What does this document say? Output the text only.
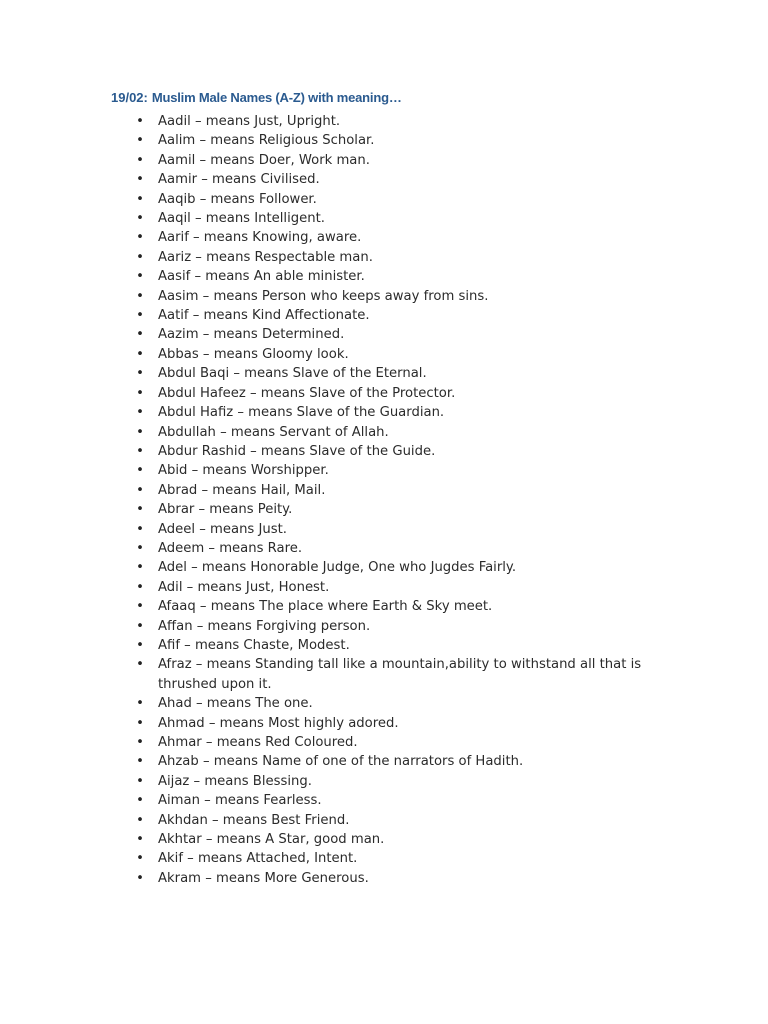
19/02: Muslim Male Names (A-Z) with meaning…
• Aadil – means Just, Upright.
• Aalim – means Religious Scholar.
• Aamil – means Doer, Work man.
• Aamir – means Civilised.
• Aaqib – means Follower.
• Aaqil – means Intelligent.
• Aarif – means Knowing, aware.
• Aariz – means Respectable man.
• Aasif – means An able minister.
• Aasim – means Person who keeps away from sins.
• Aatif – means Kind Affectionate.
• Aazim – means Determined.
• Abbas – means Gloomy look.
• Abdul Baqi – means Slave of the Eternal.
• Abdul Hafeez – means Slave of the Protector.
• Abdul Hafiz – means Slave of the Guardian.
• Abdullah – means Servant of Allah.
• Abdur Rashid – means Slave of the Guide.
• Abid – means Worshipper.
• Abrad – means Hail, Mail.
• Abrar – means Peity.
• Adeel – means Just.
• Adeem – means Rare.
• Adel – means Honorable Judge, One who Jugdes Fairly.
• Adil – means Just, Honest.
• Afaaq – means The place where Earth & Sky meet.
• Affan – means Forgiving person.
• Afif – means Chaste, Modest.
• Afraz – means Standing tall like a mountain,ability to withstand all that is thrushed upon it.
• Ahad – means The one.
• Ahmad – means Most highly adored.
• Ahmar – means Red Coloured.
• Ahzab – means Name of one of the narrators of Hadith.
• Aijaz – means Blessing.
• Aiman – means Fearless.
• Akhdan – means Best Friend.
• Akhtar – means A Star, good man.
• Akif – means Attached, Intent.
• Akram – means More Generous.
